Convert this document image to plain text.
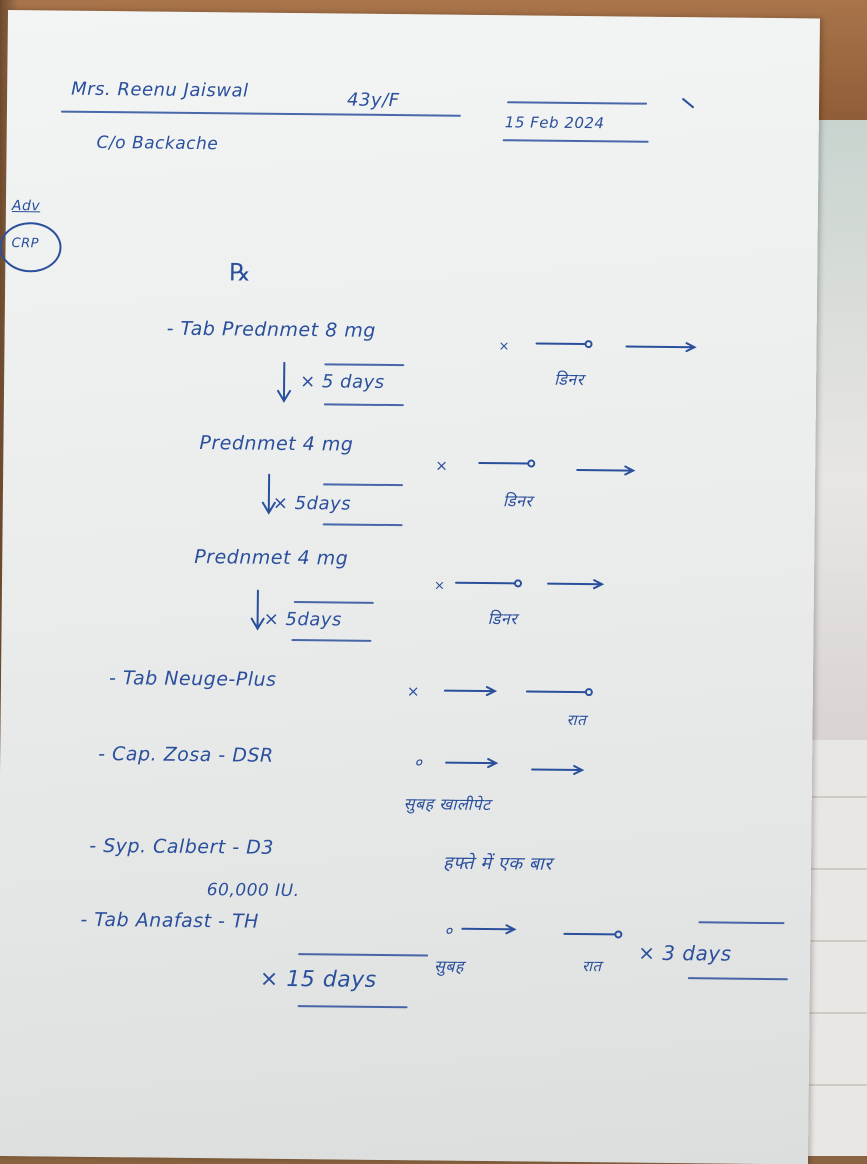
Mrs. Reenu Jaiswal	43y/F
15 Feb 2024
C/o Backache
Adv
CRP
℞
- Tab Prednmet 8 mg
×
डिनर
× 5 days
Prednmet 4 mg
×
डिनर
× 5days
Prednmet 4 mg
×
डिनर
× 5days
- Tab Neuge-Plus
×
रात
- Cap. Zosa - DSR	०
सुबह खालीपेट
- Syp. Calbert - D3
हफ्ते में एक बार
60,000 IU.
- Tab Anafast - TH	०
सुबह	रात
× 3 days
× 15 days
